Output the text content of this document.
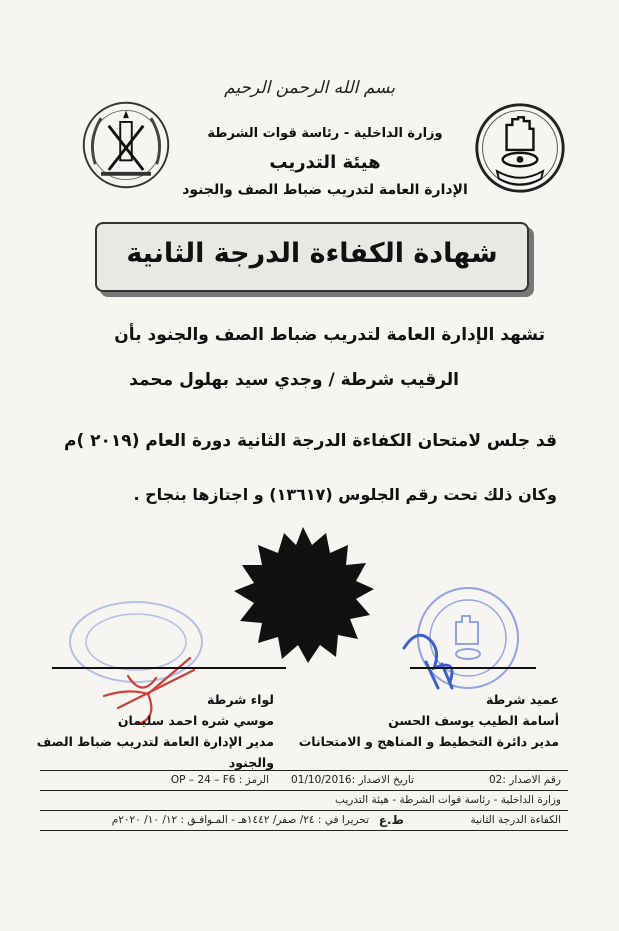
بسم الله الرحمن الرحيم
وزارة الداخلية - رئاسة قوات الشرطة
هيئة التدريب
الإدارة العامة لتدريب ضباط الصف والجنود
شهادة الكفاءة الدرجة الثانية
تشهد الإدارة العامة لتدريب ضباط الصف والجنود بأن
الرقيب شرطة / وجدي سيد بهلول محمد
قد جلس لامتحان الكفاءة الدرجة الثانية دورة العام (٢٠١٩ )م
وكان ذلك تحت رقم الجلوس (١٣٦١٧) و اجتازها بنجاح .
عميد شرطة
أسامة الطيب يوسف الحسن
مدير دائرة التخطيط و المناهج و الامتحانات
لواء شرطة
موسي شره احمد سليمان
مدير الإدارة العامة لتدريب ضباط الصف والجنود
رقم الاصدار :02
تاريخ الاصدار :01/10/2016
الرمز : OP – 24 – F6
وزارة الداخلية - رئاسة قوات الشرطة - هيئة التدريب
الكفاءة الدرجة الثانية
ط.ع
تحريرا في : ٢٤/ صفر/ ١٤٤٢هـ - المـوافـق : ١٢/ ١٠/ ٢٠٢٠م
